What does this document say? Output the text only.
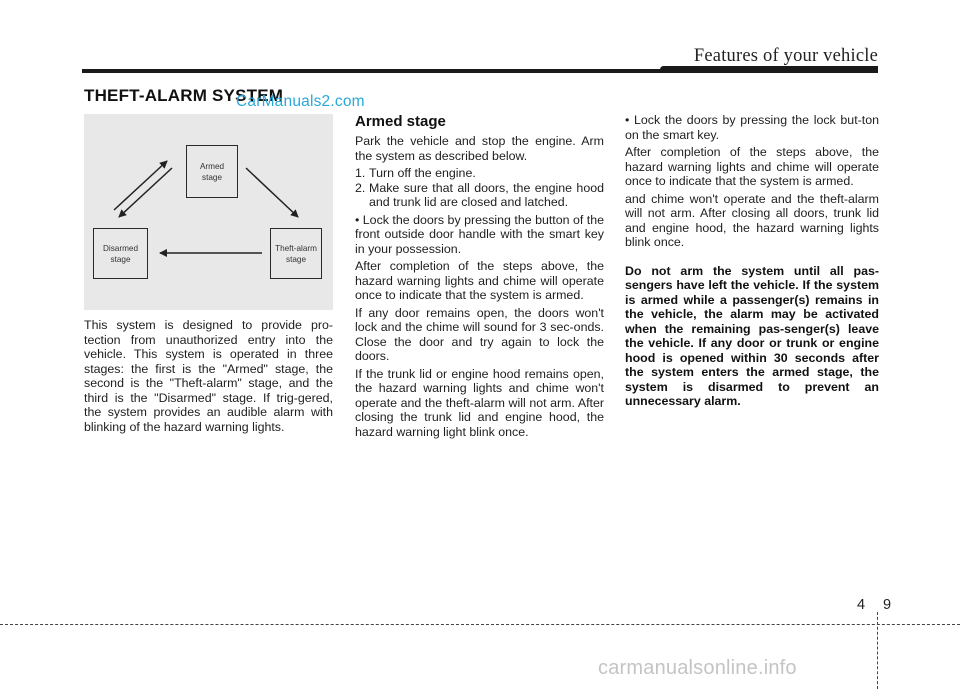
Features of your vehicle
THEFT-ALARM SYSTEM
CarManuals2.com
Armed
stage
Disarmed
stage
Theft-alarm
stage

This system is designed to provide pro-tection from unauthorized entry into the vehicle. This system is operated in three stages: the first is the "Armed" stage, the second is the "Theft-alarm" stage, and the third is the "Disarmed" stage. If trig-gered, the system provides an audible alarm with blinking of the hazard warning lights.

Armed stage

Park the vehicle and stop the engine. Arm the system as described below.

1. Turn off the engine.
2. Make sure that all doors, the engine hood and trunk lid are closed and latched.

• Lock the doors by pressing the button of the front outside door handle with the smart key in your possession.

After completion of the steps above, the hazard warning lights and chime will operate once to indicate that the system is armed.

If any door remains open, the doors won't lock and the chime will sound for 3 sec-onds. Close the door and try again to lock the doors.

If the trunk lid or engine hood remains open, the hazard warning lights and chime won't operate and the theft-alarm will not arm. After closing the trunk lid and engine hood, the hazard warning light blink once.

• Lock the doors by pressing the lock but-ton on the smart key.

After completion of the steps above, the hazard warning lights and chime will operate once to indicate that the system is armed.

and chime won't operate and the theft-alarm will not arm. After closing all doors, trunk lid and engine hood, the hazard warning lights blink once.

Do not arm the system until all pas-sengers have left the vehicle. If the system is armed while a passenger(s) remains in the vehicle, the alarm may be activated when the remaining pas-senger(s) leave the vehicle. If any door or trunk or engine hood is opened within 30 seconds after the system enters the armed stage, the system is disarmed to prevent an unnecessary alarm.

4 9
carmanualsonline.info
